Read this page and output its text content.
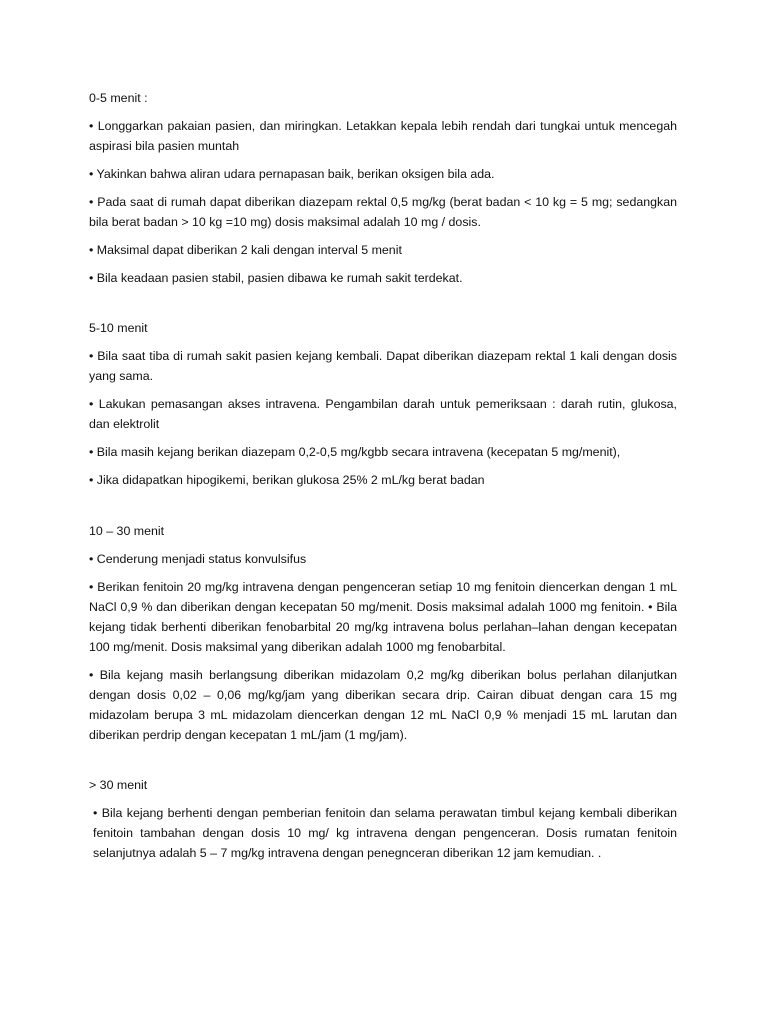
0-5 menit :

• Longgarkan pakaian pasien, dan miringkan. Letakkan kepala lebih rendah dari tungkai untuk mencegah aspirasi bila pasien muntah

• Yakinkan bahwa aliran udara pernapasan baik, berikan oksigen bila ada.

• Pada saat di rumah dapat diberikan diazepam rektal 0,5 mg/kg (berat badan < 10 kg = 5 mg; sedangkan bila berat badan > 10 kg =10 mg) dosis maksimal adalah 10 mg / dosis.

• Maksimal dapat diberikan 2 kali dengan interval 5 menit

• Bila keadaan pasien stabil, pasien dibawa ke rumah sakit terdekat.

5-10 menit

• Bila saat tiba di rumah sakit pasien kejang kembali. Dapat diberikan diazepam rektal 1 kali dengan dosis yang sama.

• Lakukan pemasangan akses intravena. Pengambilan darah untuk pemeriksaan : darah rutin, glukosa, dan elektrolit

• Bila masih kejang berikan diazepam 0,2-0,5 mg/kgbb secara intravena (kecepatan 5 mg/menit),

• Jika didapatkan hipogikemi, berikan glukosa 25% 2 mL/kg berat badan

10 – 30 menit

• Cenderung menjadi status konvulsifus

• Berikan fenitoin 20 mg/kg intravena dengan pengenceran setiap 10 mg fenitoin diencerkan dengan 1 mL NaCl 0,9 % dan diberikan dengan kecepatan 50 mg/menit. Dosis maksimal adalah 1000 mg fenitoin. • Bila kejang tidak berhenti diberikan fenobarbital 20 mg/kg intravena bolus perlahan–lahan dengan kecepatan 100 mg/menit. Dosis maksimal yang diberikan adalah 1000 mg fenobarbital.

• Bila kejang masih berlangsung diberikan midazolam 0,2 mg/kg diberikan bolus perlahan dilanjutkan dengan dosis 0,02 – 0,06 mg/kg/jam yang diberikan secara drip. Cairan dibuat dengan cara 15 mg midazolam berupa 3 mL midazolam diencerkan dengan 12 mL NaCl 0,9 % menjadi 15 mL larutan dan diberikan perdrip dengan kecepatan 1 mL/jam (1 mg/jam).

> 30 menit

• Bila kejang berhenti dengan pemberian fenitoin dan selama perawatan timbul kejang kembali diberikan fenitoin tambahan dengan dosis 10 mg/ kg intravena dengan pengenceran. Dosis rumatan fenitoin selanjutnya adalah 5 – 7 mg/kg intravena dengan penegnceran diberikan 12 jam kemudian. .
